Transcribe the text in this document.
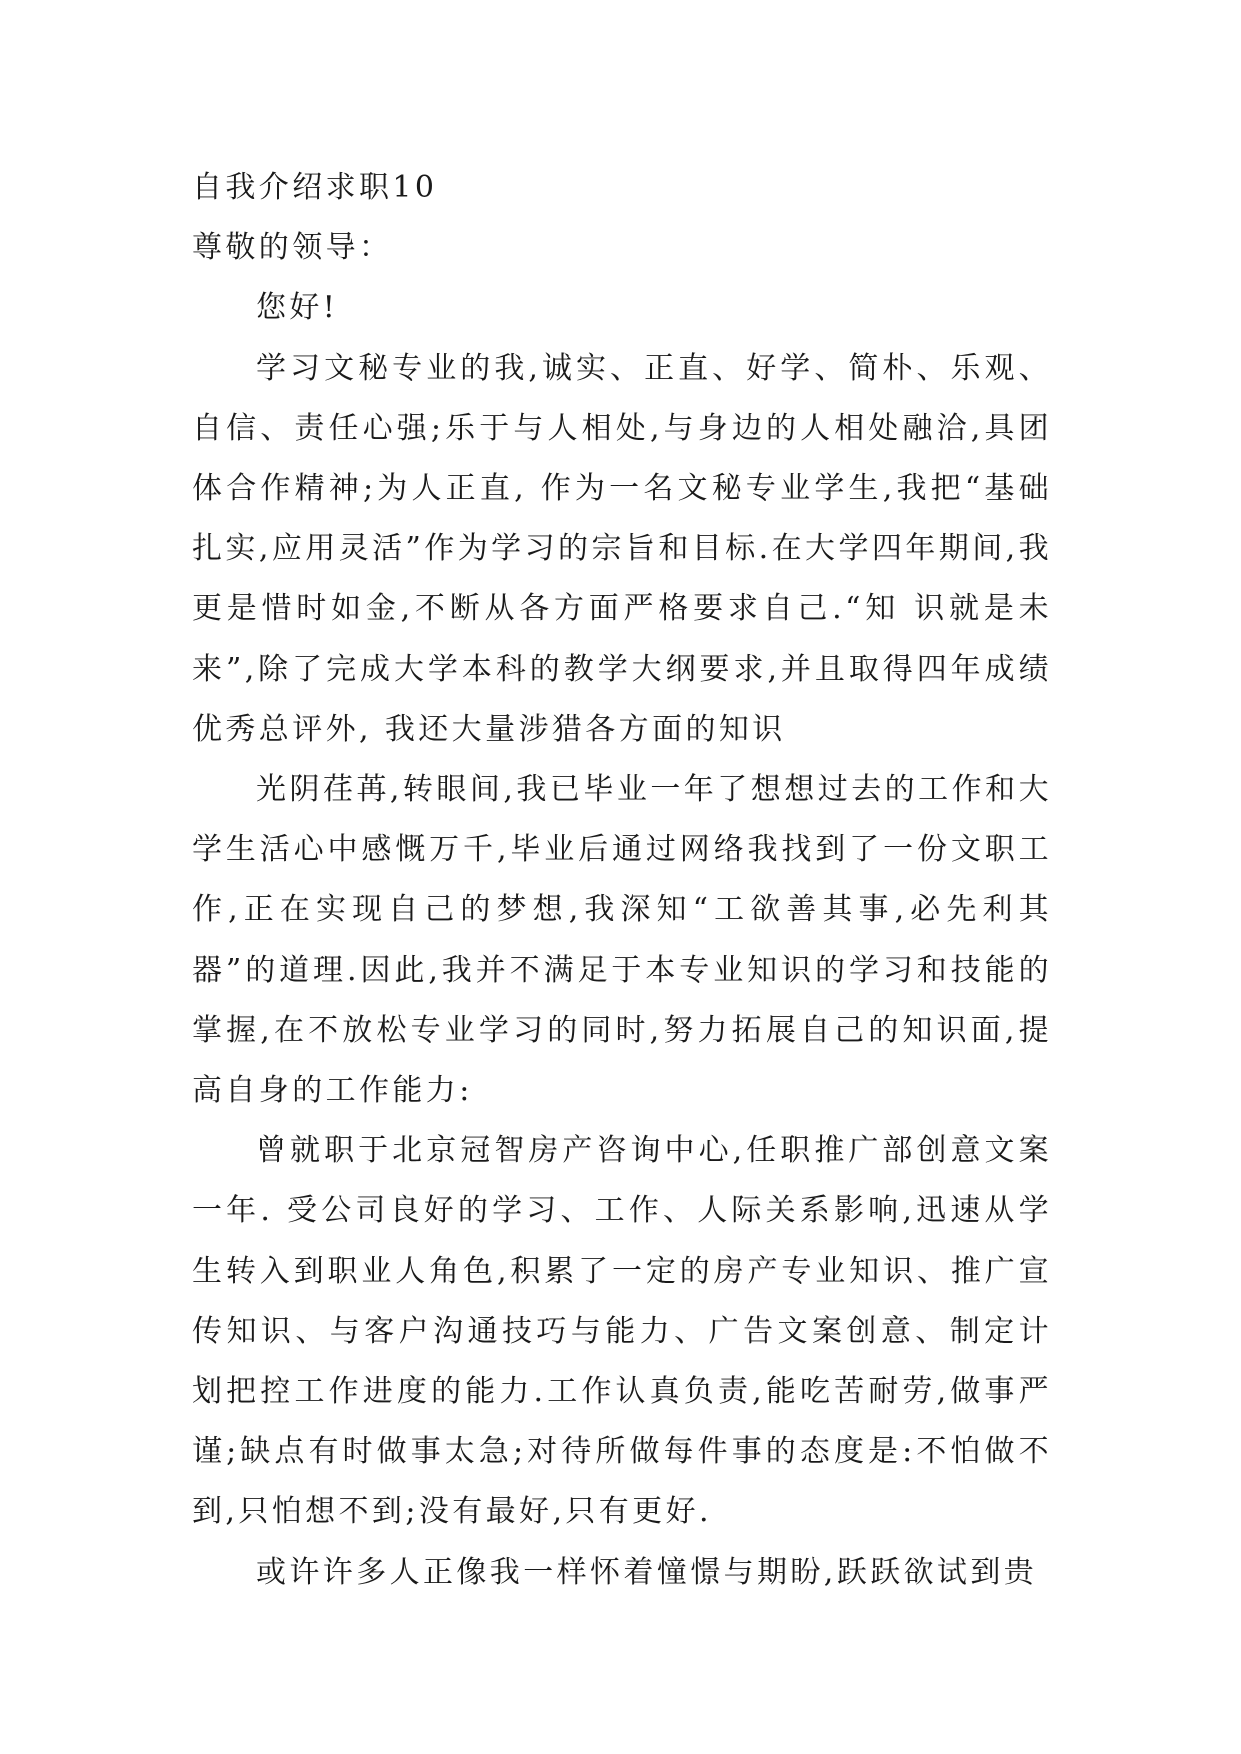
自我介绍求职10

尊敬的领导：

您好!

学习文秘专业的我,诚实、正直、好学、简朴、乐观、自信、责任心强;乐于与人相处,与身边的人相处融洽,具团体合作精神;为人正直, 作为一名文秘专业学生,我把“基础扎实,应用灵活”作为学习的宗旨和目标.在大学四年期间,我更是惜时如金,不断从各方面严格要求自己.“知 识就是未来”,除了完成大学本科的教学大纲要求,并且取得四年成绩优秀总评外, 我还大量涉猎各方面的知识

光阴荏苒,转眼间,我已毕业一年了想想过去的工作和大学生活心中感慨万千,毕业后通过网络我找到了一份文职工作,正在实现自己的梦想,我深知“工欲善其事,必先利其器”的道理.因此,我并不满足于本专业知识的学习和技能的掌握,在不放松专业学习的同时,努力拓展自己的知识面,提高自身的工作能力:

曾就职于北京冠智房产咨询中心,任职推广部创意文案一年. 受公司良好的学习、工作、人际关系影响,迅速从学生转入到职业人角色,积累了一定的房产专业知识、推广宣传知识、与客户沟通技巧与能力、广告文案创意、制定计划把控工作进度的能力.工作认真负责,能吃苦耐劳,做事严谨;缺点有时做事太急;对待所做每件事的态度是:不怕做不到,只怕想不到;没有最好,只有更好.

或许许多人正像我一样怀着憧憬与期盼,跃跃欲试到贵
